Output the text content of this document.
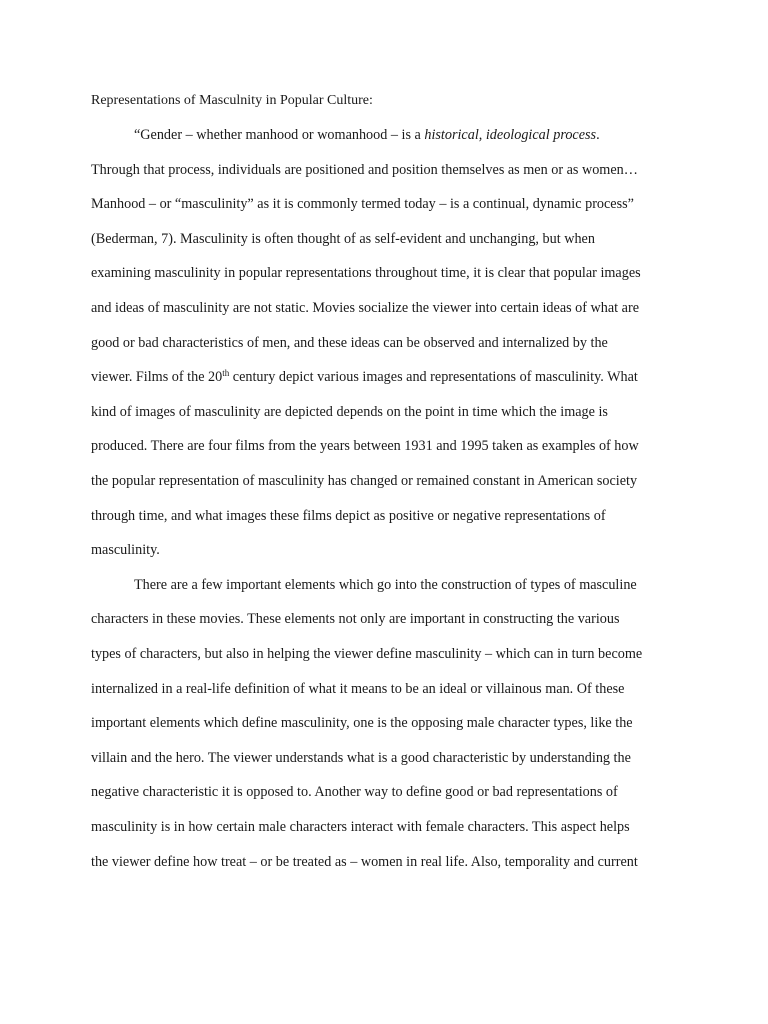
Representations of Masculnity in Popular Culture:
“Gender – whether manhood or womanhood – is a historical, ideological process.
Through that process, individuals are positioned and position themselves as men or as women…
Manhood – or “masculinity” as it is commonly termed today – is a continual, dynamic process”
(Bederman, 7). Masculinity is often thought of as self-evident and unchanging, but when
examining masculinity in popular representations throughout time, it is clear that popular images
and ideas of masculinity are not static. Movies socialize the viewer into certain ideas of what are
good or bad characteristics of men, and these ideas can be observed and internalized by the
viewer. Films of the 20th century depict various images and representations of masculinity. What
kind of images of masculinity are depicted depends on the point in time which the image is
produced. There are four films from the years between 1931 and 1995 taken as examples of how
the popular representation of masculinity has changed or remained constant in American society
through time, and what images these films depict as positive or negative representations of
masculinity.
There are a few important elements which go into the construction of types of masculine
characters in these movies. These elements not only are important in constructing the various
types of characters, but also in helping the viewer define masculinity – which can in turn become
internalized in a real-life definition of what it means to be an ideal or villainous man. Of these
important elements which define masculinity, one is the opposing male character types, like the
villain and the hero. The viewer understands what is a good characteristic by understanding the
negative characteristic it is opposed to. Another way to define good or bad representations of
masculinity is in how certain male characters interact with female characters. This aspect helps
the viewer define how treat – or be treated as – women in real life. Also, temporality and current
